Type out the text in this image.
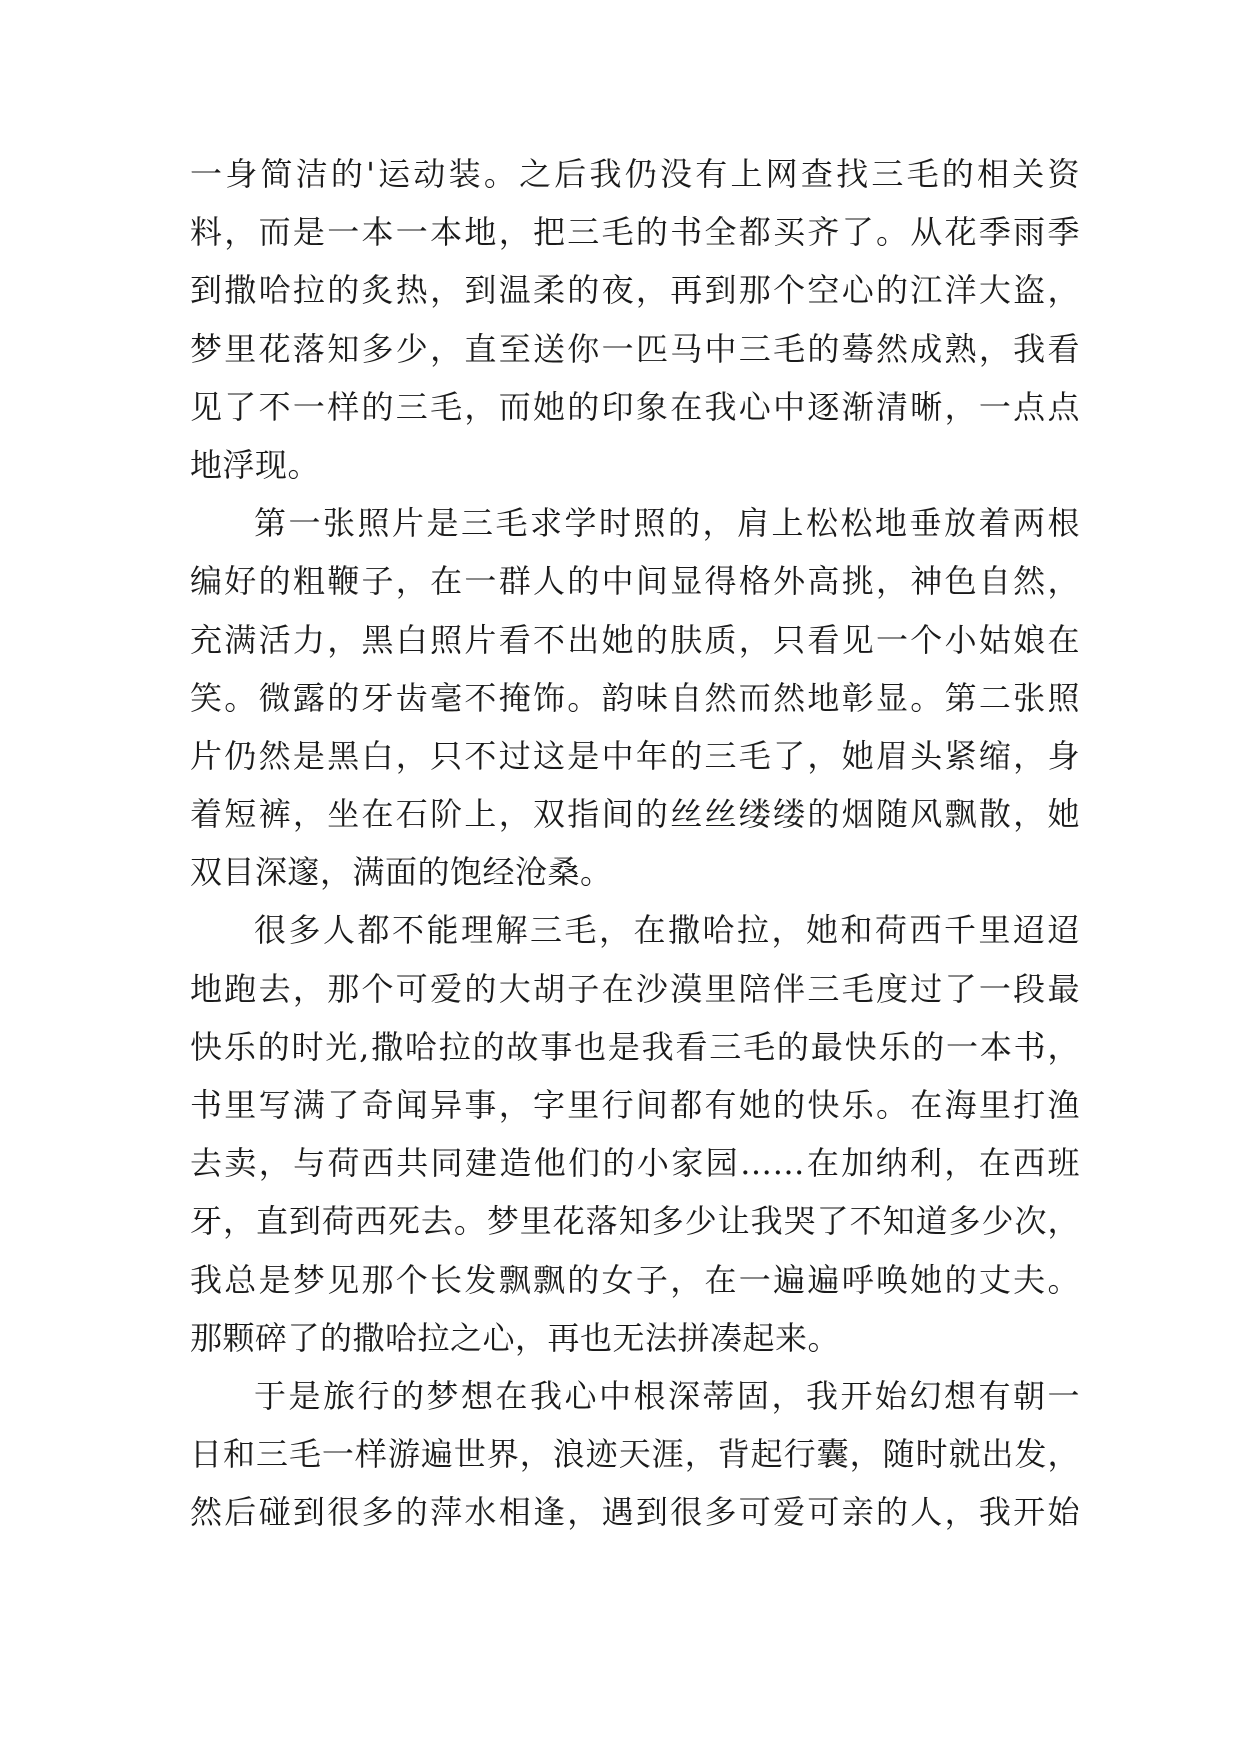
一身简洁的'运动装。之后我仍没有上网查找三毛的相关资
料，而是一本一本地，把三毛的书全都买齐了。从花季雨季
到撒哈拉的炙热，到温柔的夜，再到那个空心的江洋大盗，
梦里花落知多少，直至送你一匹马中三毛的蓦然成熟，我看
见了不一样的三毛，而她的印象在我心中逐渐清晰，一点点
地浮现。
第一张照片是三毛求学时照的，肩上松松地垂放着两根
编好的粗鞭子，在一群人的中间显得格外高挑，神色自然，
充满活力，黑白照片看不出她的肤质，只看见一个小姑娘在
笑。微露的牙齿毫不掩饰。韵味自然而然地彰显。第二张照
片仍然是黑白，只不过这是中年的三毛了，她眉头紧缩，身
着短裤，坐在石阶上，双指间的丝丝缕缕的烟随风飘散，她
双目深邃，满面的饱经沧桑。
很多人都不能理解三毛，在撒哈拉，她和荷西千里迢迢
地跑去，那个可爱的大胡子在沙漠里陪伴三毛度过了一段最
快乐的时光,撒哈拉的故事也是我看三毛的最快乐的一本书，
书里写满了奇闻异事，字里行间都有她的快乐。在海里打渔
去卖，与荷西共同建造他们的小家园……在加纳利，在西班
牙，直到荷西死去。梦里花落知多少让我哭了不知道多少次，
我总是梦见那个长发飘飘的女子，在一遍遍呼唤她的丈夫。
那颗碎了的撒哈拉之心，再也无法拼凑起来。
于是旅行的梦想在我心中根深蒂固，我开始幻想有朝一
日和三毛一样游遍世界，浪迹天涯，背起行囊，随时就出发，
然后碰到很多的萍水相逢，遇到很多可爱可亲的人，我开始
